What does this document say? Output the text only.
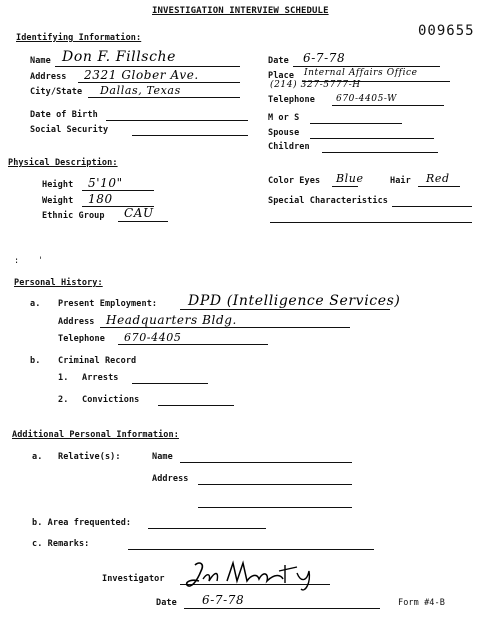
INVESTIGATION INTERVIEW SCHEDULE
009655
Identifying Information:
Name Don F. Fillsche
Address 2321 Glober Ave.
City/State Dallas, Texas
Date of Birth
Social Security
Date 6-7-78
Place Internal Affairs Office
(214) 327-5777-H
Telephone 670-4405-W
M or S
Spouse
Children
Physical Description:
Height 5'10"
Weight 180
Ethnic Group CAU
Color Eyes Blue	Hair Red
Special Characteristics
: '
Personal History:
a. Present Employment: DPD (Intelligence Services)
Address Headquarters Bldg.
Telephone 670-4405
b. Criminal Record
1. Arrests
2. Convictions
Additional Personal Information:
a. Relative(s):	Name
Address
b. Area frequented:
c. Remarks:
Investigator
Date 6-7-78	Form #4-B
